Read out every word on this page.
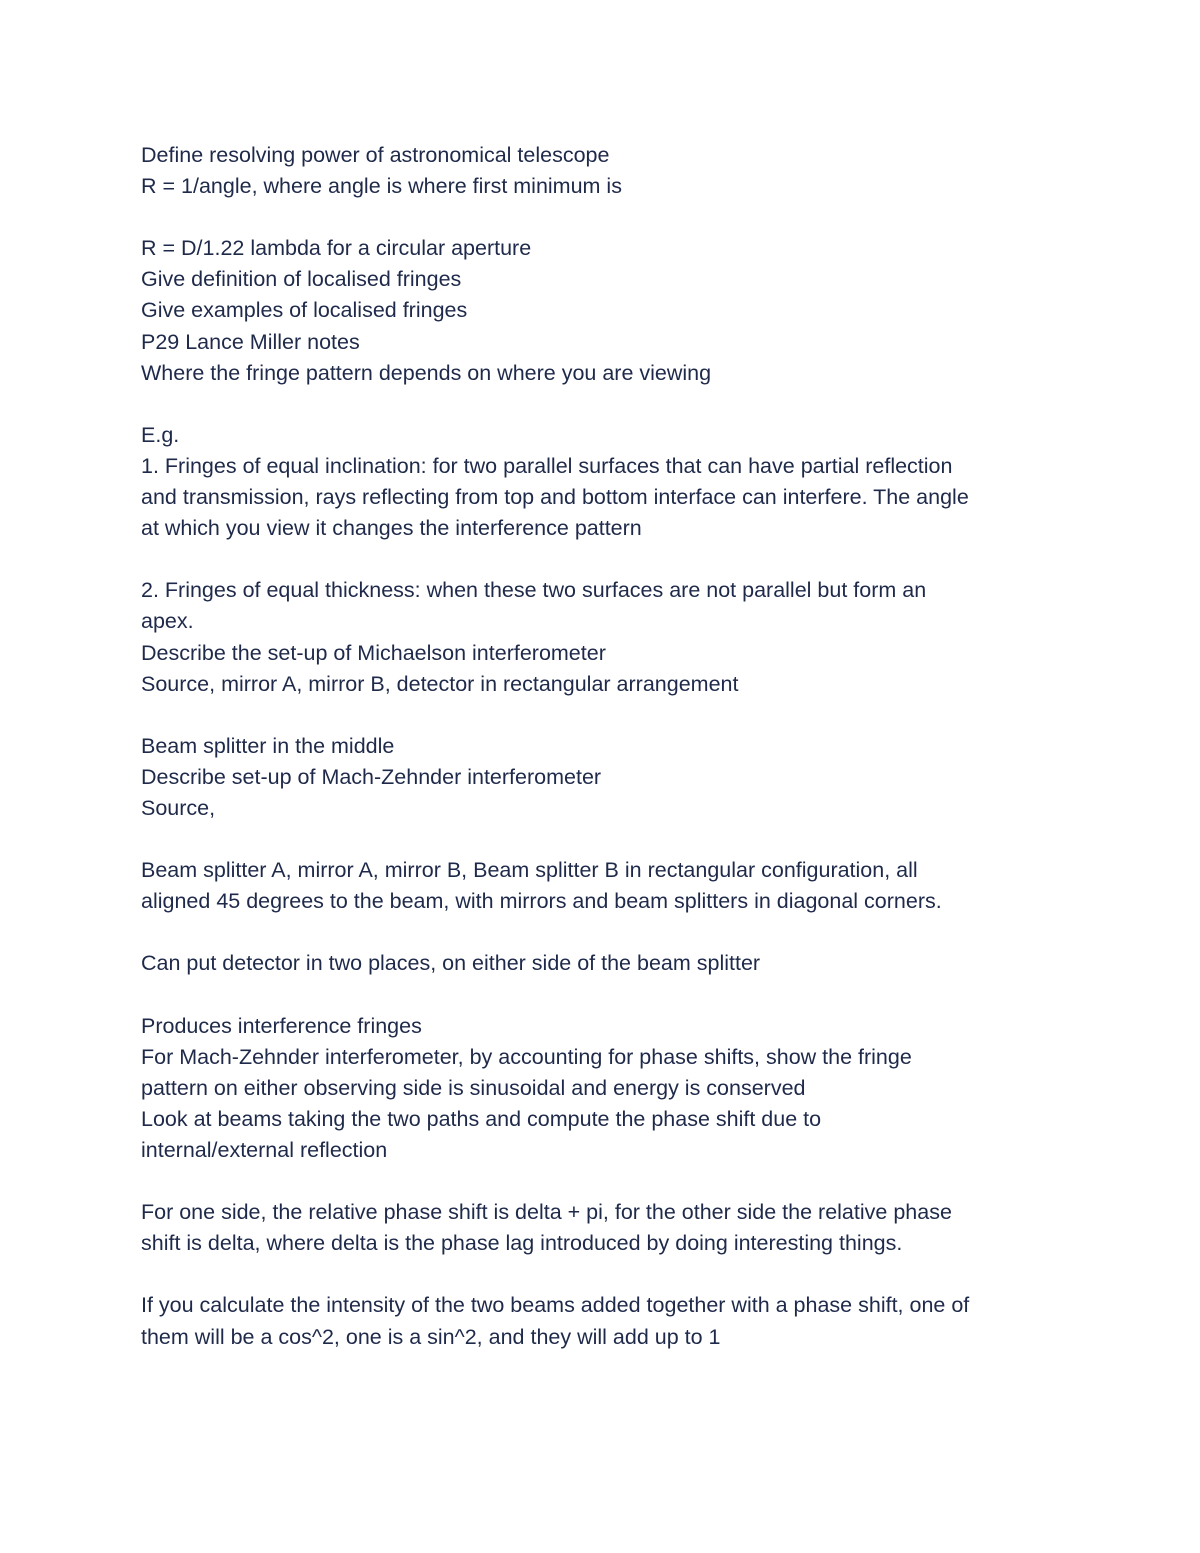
Define resolving power of astronomical telescope
R = 1/angle, where angle is where first minimum is
R = D/1.22 lambda for a circular aperture
Give definition of localised fringes
Give examples of localised fringes
P29 Lance Miller notes
Where the fringe pattern depends on where you are viewing
E.g.
1. Fringes of equal inclination: for two parallel surfaces that can have partial reflection
and transmission, rays reflecting from top and bottom interface can interfere. The angle
at which you view it changes the interference pattern
2. Fringes of equal thickness: when these two surfaces are not parallel but form an
apex.
Describe the set-up of Michaelson interferometer
Source, mirror A, mirror B, detector in rectangular arrangement
Beam splitter in the middle
Describe set-up of Mach-Zehnder interferometer
Source,
Beam splitter A, mirror A, mirror B, Beam splitter B in rectangular configuration, all
aligned 45 degrees to the beam, with mirrors and beam splitters in diagonal corners.
Can put detector in two places, on either side of the beam splitter
Produces interference fringes
For Mach-Zehnder interferometer, by accounting for phase shifts, show the fringe
pattern on either observing side is sinusoidal and energy is conserved
Look at beams taking the two paths and compute the phase shift due to
internal/external reflection
For one side, the relative phase shift is delta + pi, for the other side the relative phase
shift is delta, where delta is the phase lag introduced by doing interesting things.
If you calculate the intensity of the two beams added together with a phase shift, one of
them will be a cos^2, one is a sin^2, and they will add up to 1
